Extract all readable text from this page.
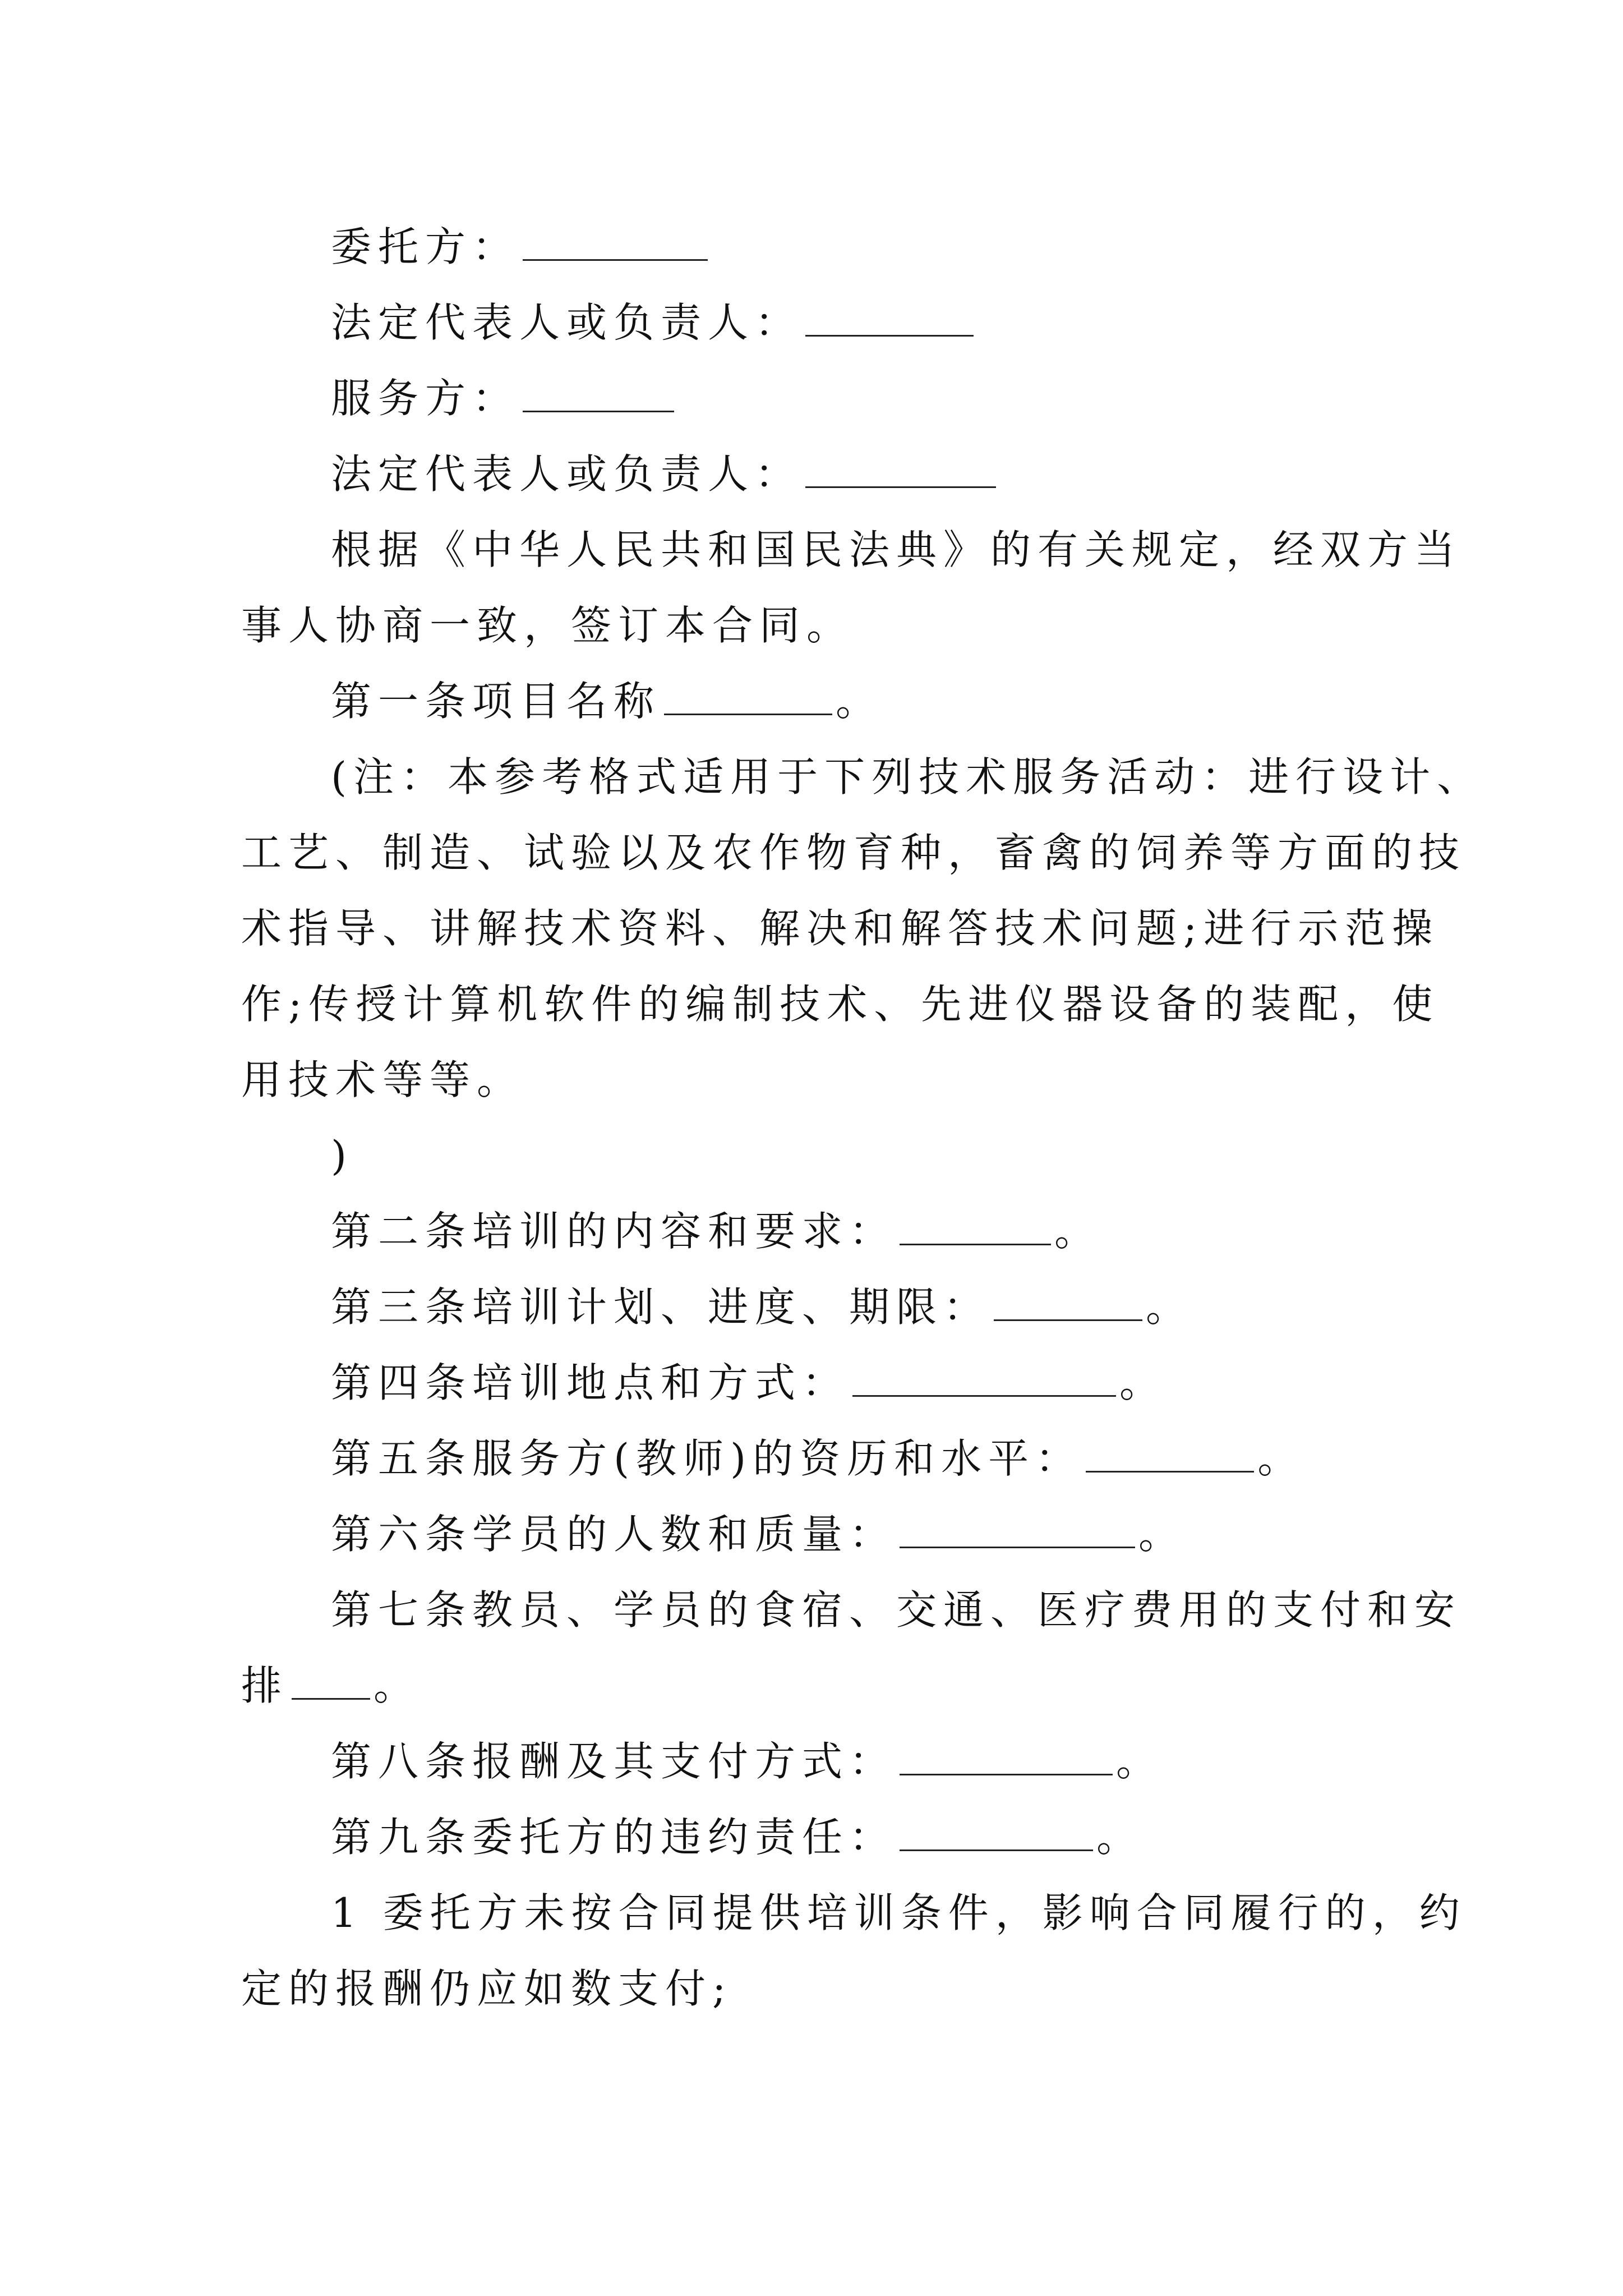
委托方：
法定代表人或负责人：
服务方：
法定代表人或负责人：
根据《中华人民共和国民法典》的有关规定，经双方当
事人协商一致，签订本合同。
第一条项目名称	。
(注：本参考格式适用于下列技术服务活动：进行设计、
工艺、制造、试验以及农作物育种，畜禽的饲养等方面的技
术指导、讲解技术资料、解决和解答技术问题;进行示范操
作;传授计算机软件的编制技术、先进仪器设备的装配，使
用技术等等。
)
第二条培训的内容和要求：	。
第三条培训计划、进度、期限：	。
第四条培训地点和方式：	。
第五条服务方(教师)的资历和水平：	。
第六条学员的人数和质量：	。
第七条教员、学员的食宿、交通、医疗费用的支付和安
排 。
第八条报酬及其支付方式：	。
第九条委托方的违约责任：	。
1 委托方未按合同提供培训条件，影响合同履行的，约
定的报酬仍应如数支付;
